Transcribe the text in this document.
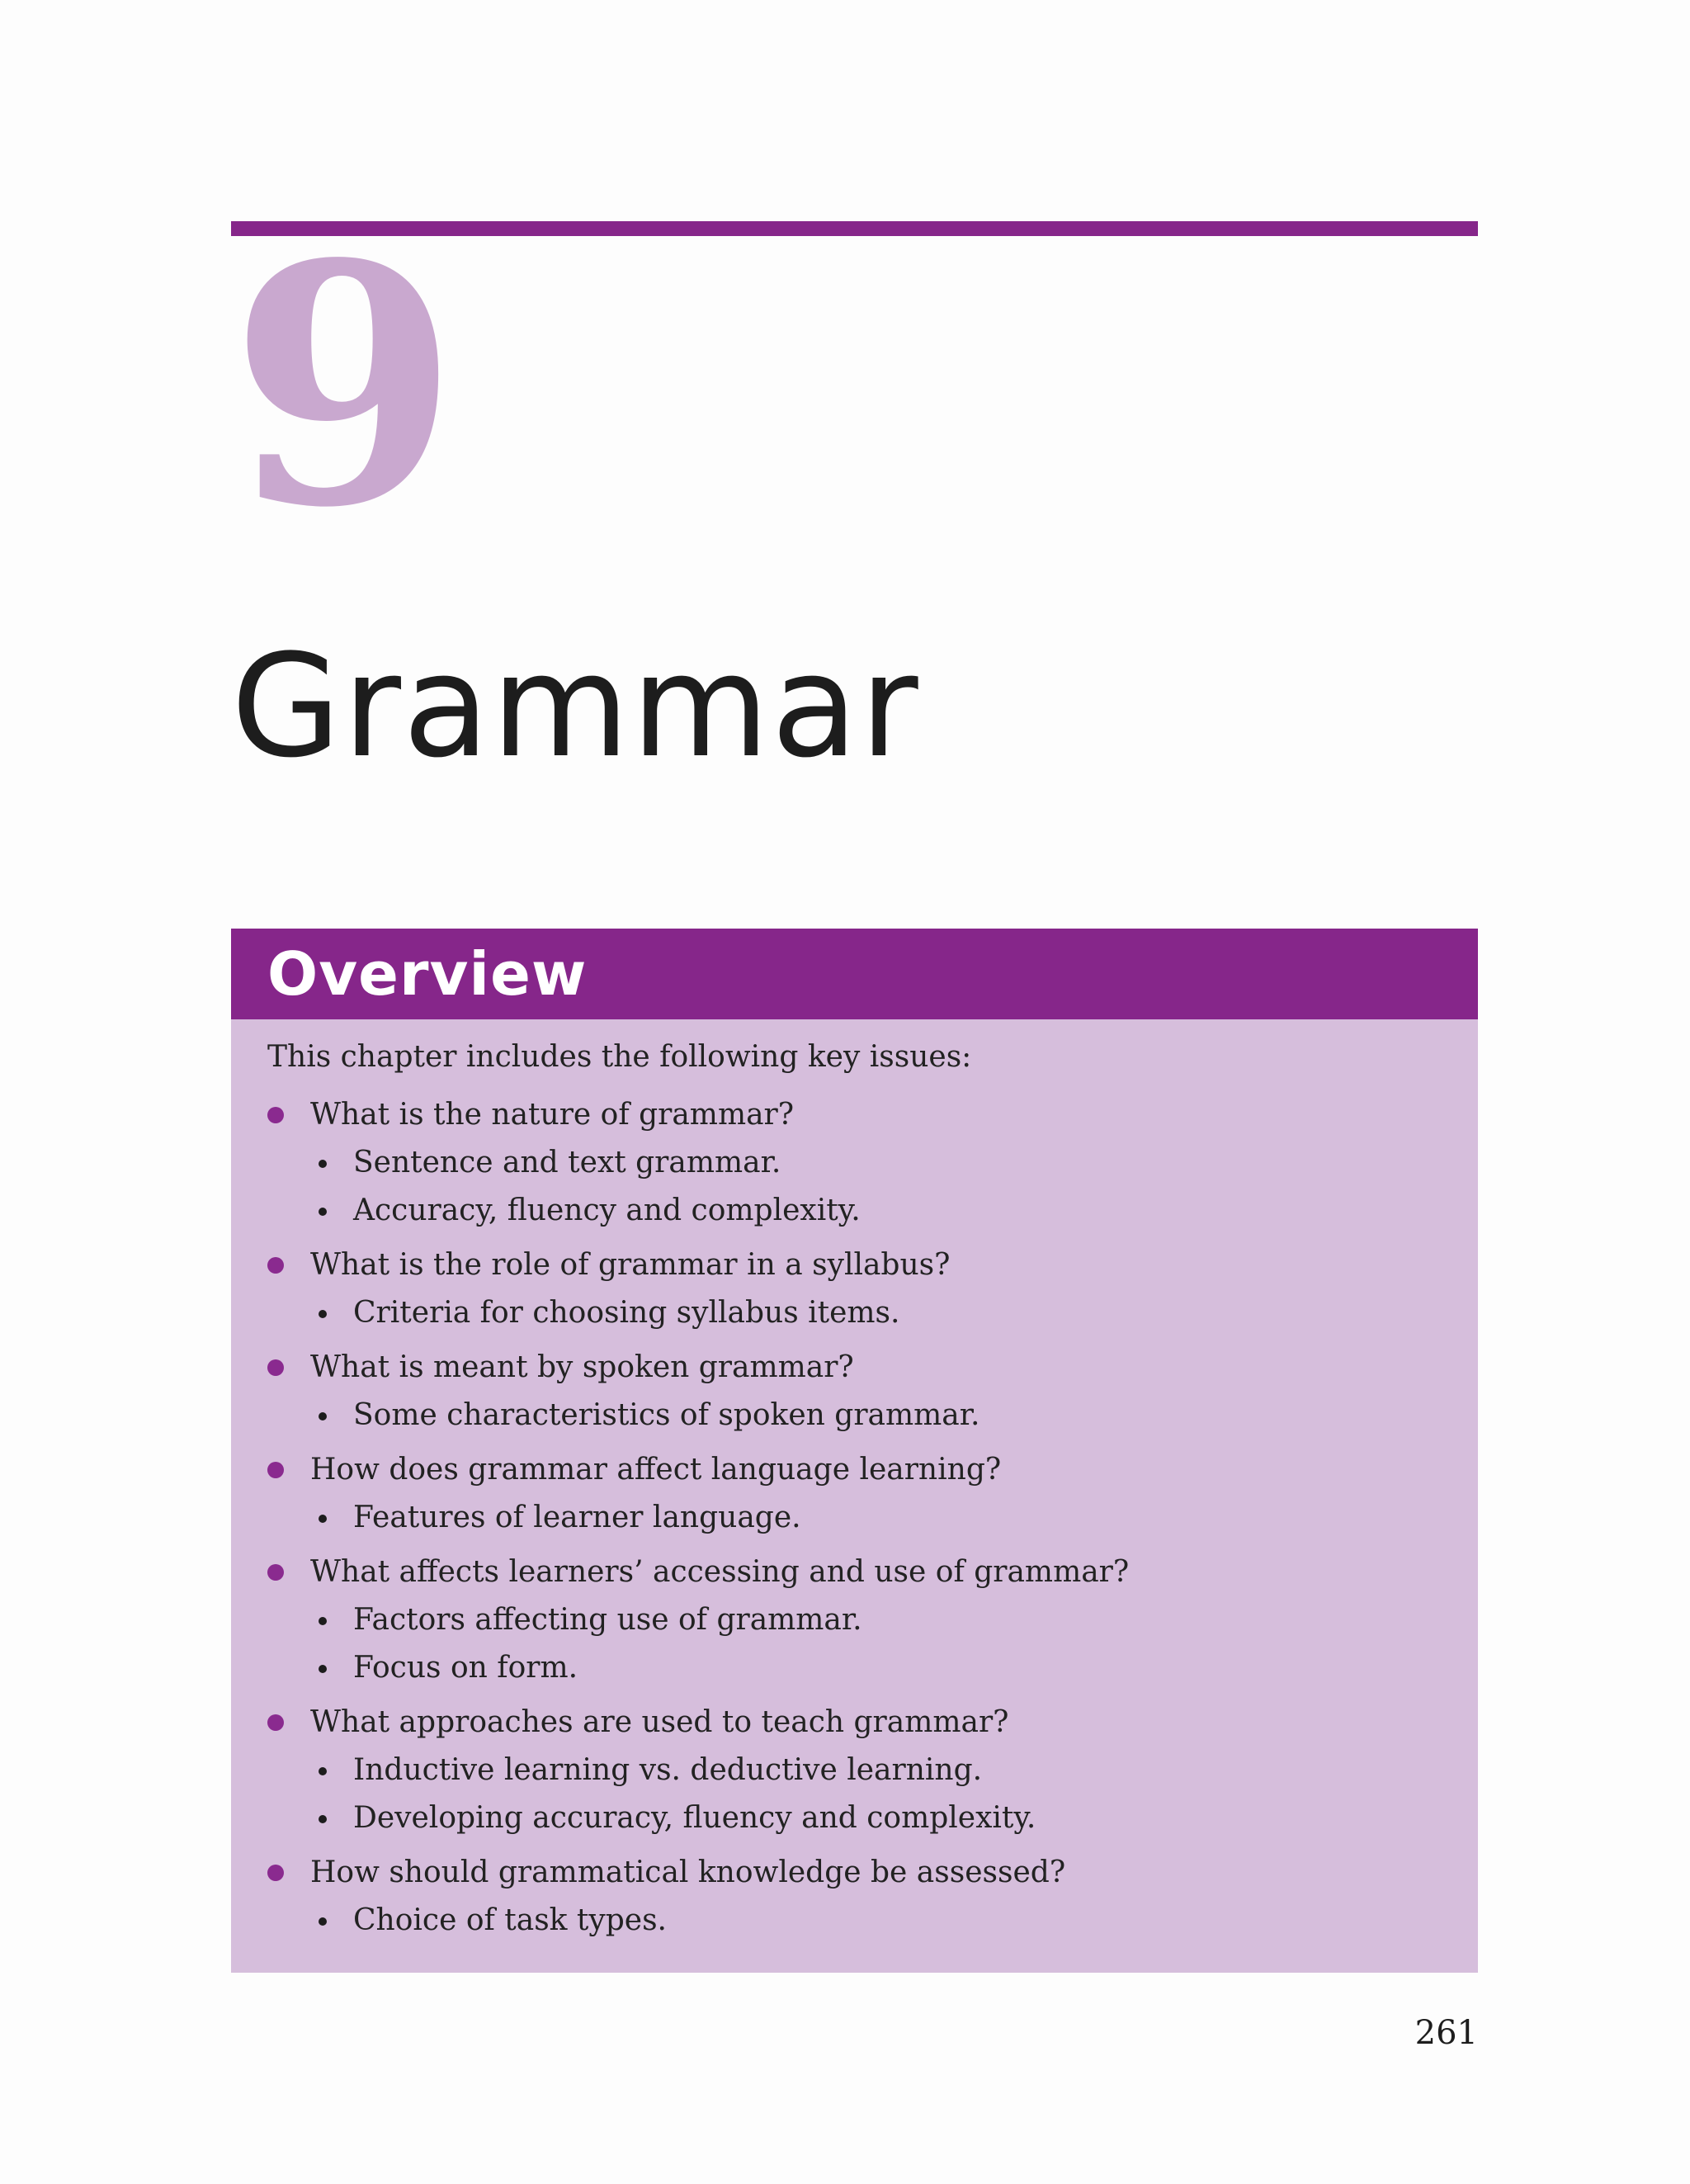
9
Grammar
Overview

This chapter includes the following key issues:

What is the nature of grammar?
Sentence and text grammar.
Accuracy, fluency and complexity.
What is the role of grammar in a syllabus?
Criteria for choosing syllabus items.
What is meant by spoken grammar?
Some characteristics of spoken grammar.
How does grammar affect language learning?
Features of learner language.
What affects learners’ accessing and use of grammar?
Factors affecting use of grammar.
Focus on form.
What approaches are used to teach grammar?
Inductive learning vs. deductive learning.
Developing accuracy, fluency and complexity.
How should grammatical knowledge be assessed?
Choice of task types.
261
